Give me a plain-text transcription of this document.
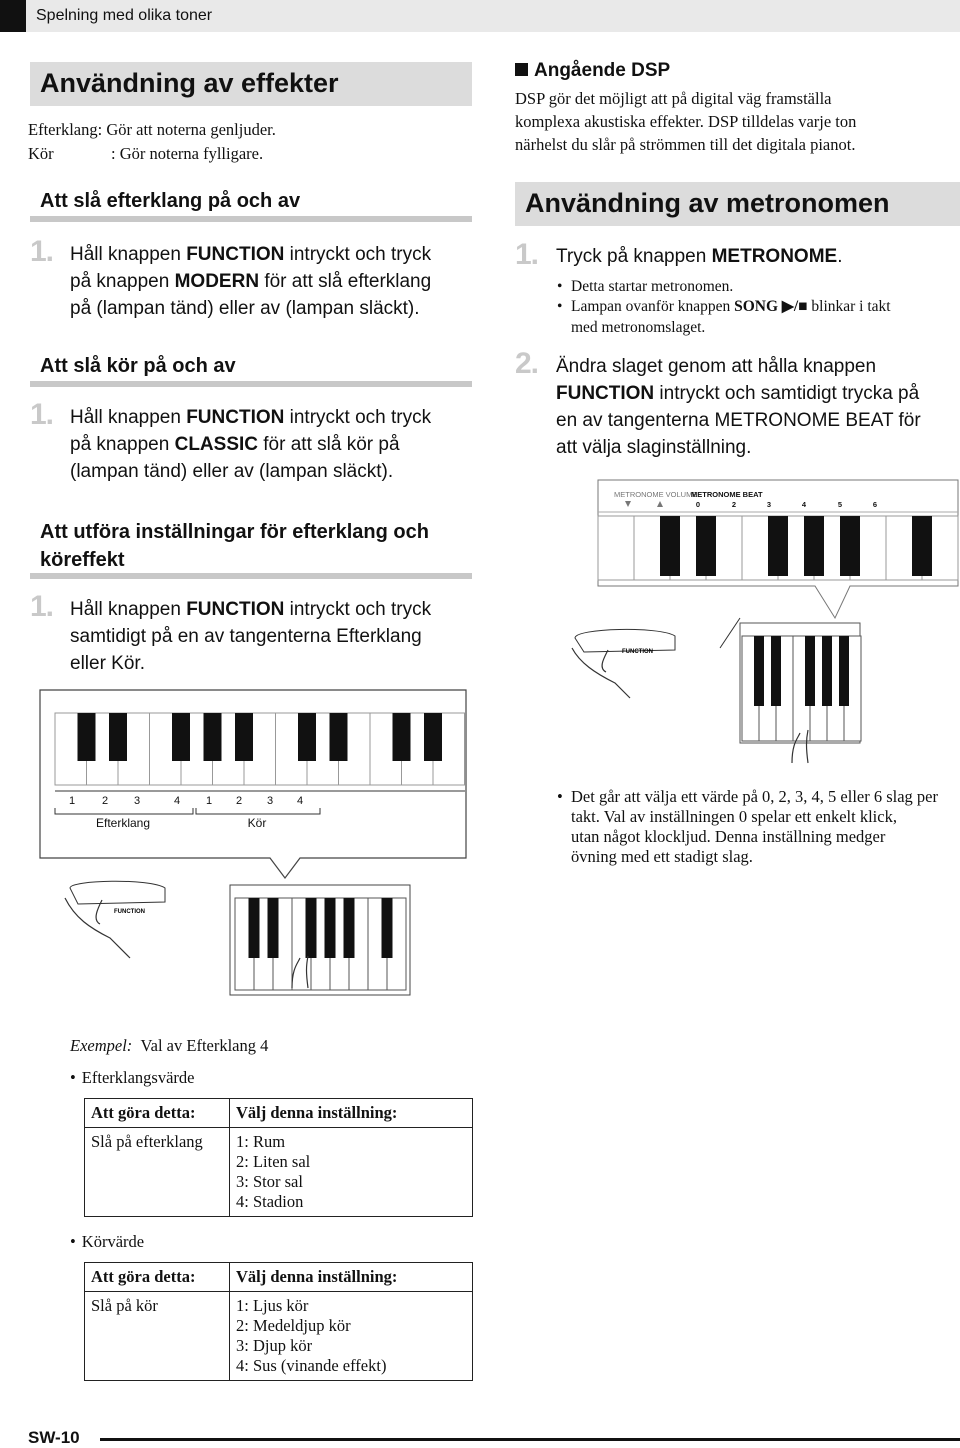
Spelning med olika toner
Användning av effekter
Efterklang: Gör att noterna genljuder.
Kör	: Gör noterna fylligare.
Att slå efterklang på och av
1. Håll knappen FUNCTION intryckt och tryck
på knappen MODERN för att slå efterklang
på (lampan tänd) eller av (lampan släckt).
Att slå kör på och av
1. Håll knappen FUNCTION intryckt och tryck
på knappen CLASSIC för att slå kör på
(lampan tänd) eller av (lampan släckt).
Att utföra inställningar för efterklang och
köreffekt
1. Håll knappen FUNCTION intryckt och tryck
samtidigt på en av tangenterna Efterklang
eller Kör.
1 2 3	4 1 2 3 4
Efterklang	Kör
FUNCTION
Exempel: Val av Efterklang 4
• Efterklangsvärde
Att göra detta:	Välj denna inställning:
Slå på efterklang	1: Rum
2: Liten sal
3: Stor sal
4: Stadion
• Körvärde
Att göra detta:	Välj denna inställning:
Slå på kör	1: Ljus kör
2: Medeldjup kör
3: Djup kör
4: Sus (vinande effekt)
Angående DSP
DSP gör det möjligt att på digital väg framställa
komplexa akustiska effekter. DSP tilldelas varje ton
närhelst du slår på strömmen till det digitala pianot.
Användning av metronomen
1. Tryck på knappen METRONOME.
• Detta startar metronomen.
• Lampan ovanför knappen SONG ▶/■ blinkar i takt
med metronomslaget.
2. Ändra slaget genom att hålla knappen
FUNCTION intryckt och samtidigt trycka på
en av tangenterna METRONOME BEAT för
att välja slaginställning.
METRONOME VOLUME
METRONOME BEAT
0	2	3	4	5	6
FUNCTION
• Det går att välja ett värde på 0, 2, 3, 4, 5 eller 6 slag per
takt. Val av inställningen 0 spelar ett enkelt klick,
utan något klockljud. Denna inställning medger
övning med ett stadigt slag.
SW-10
